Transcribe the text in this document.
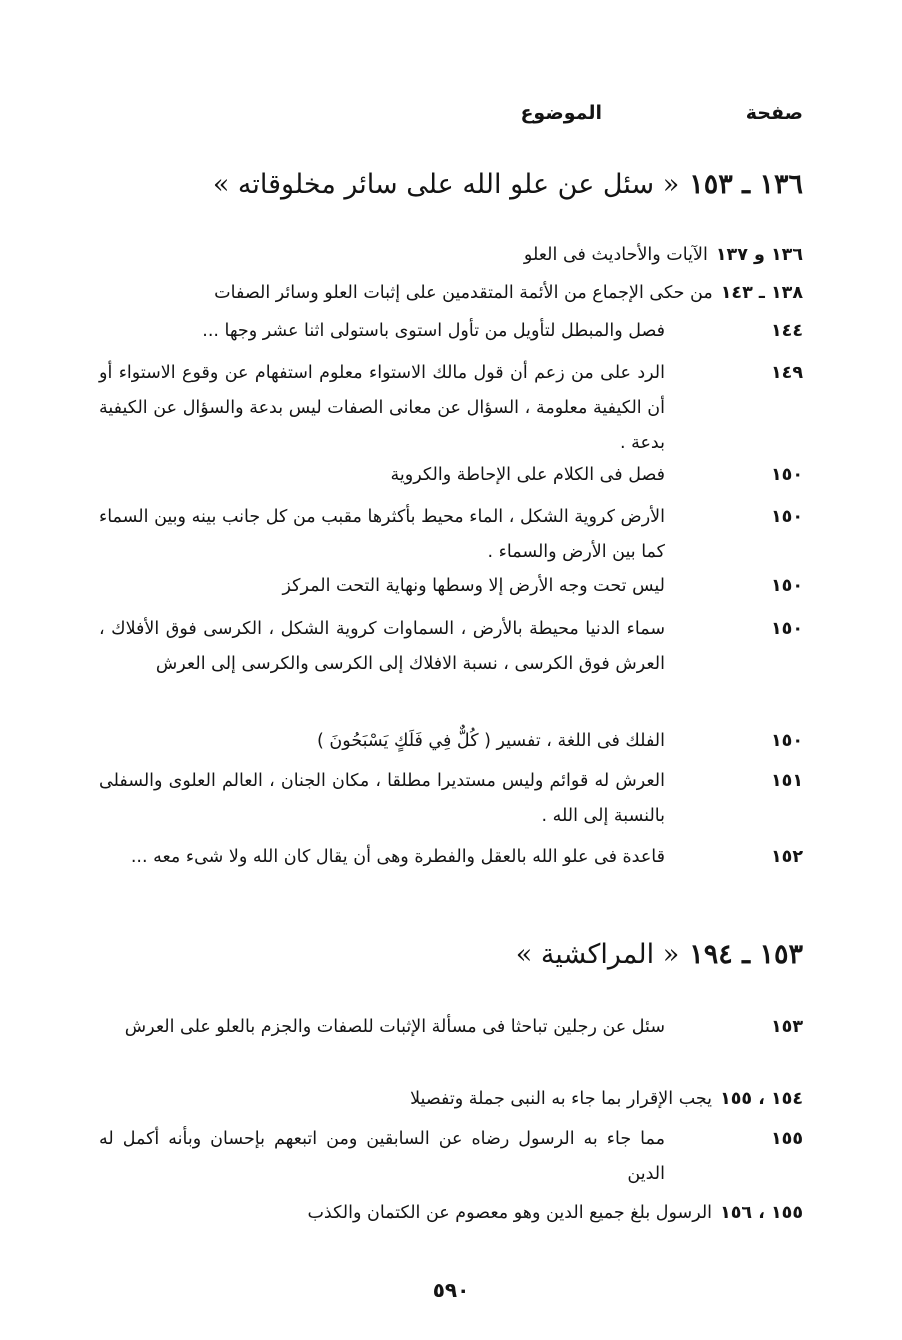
صفحة
الموضوع
١٣٦ ـ ١٥٣« سئل عن علو الله على سائر مخلوقاته »
١٣٦ و ١٣٧الآيات والأحاديث فى العلو
١٣٨ ـ ١٤٣من حكى الإجماع من الأئمة المتقدمين على إثبات العلو وسائر الصفات
١٤٤
فصل والمبطل لتأويل من تأول استوى باستولى اثنا عشر وجها ...
١٤٩
الرد على من زعم أن قول مالك الاستواء معلوم استفهام عن وقوع الاستواء أو أن الكيفية معلومة ، السؤال عن معانى الصفات ليس بدعة والسؤال عن الكيفية بدعة .
١٥٠
فصل فى الكلام على الإحاطة والكروية
١٥٠
الأرض كروية الشكل ، الماء محيط بأكثرها مقبب من كل جانب بينه وبين السماء كما بين الأرض والسماء .
١٥٠
ليس تحت وجه الأرض إلا وسطها ونهاية التحت المركز
١٥٠
سماء الدنيا محيطة بالأرض ، السماوات كروية الشكل ، الكرسى فوق الأفلاك ، العرش فوق الكرسى ، نسبة الافلاك إلى الكرسى والكرسى إلى العرش
١٥٠
الفلك فى اللغة ، تفسير ( كُلٌّ فِي فَلَكٍ يَسْبَحُونَ )
١٥١
العرش له قوائم وليس مستديرا مطلقا ، مكان الجنان ، العالم العلوى والسفلى بالنسبة إلى الله .
١٥٢
قاعدة فى علو الله بالعقل والفطرة وهى أن يقال كان الله ولا شىء معه ...
١٥٣ ـ ١٩٤« المراكشية »
١٥٣
سئل عن رجلين تباحثا فى مسألة الإثبات للصفات والجزم بالعلو على العرش
١٥٤ ، ١٥٥يجب الإقرار بما جاء به النبى جملة وتفصيلا
١٥٥
مما جاء به الرسول رضاه عن السابقين ومن اتبعهم بإحسان وبأنه أكمل له الدين
١٥٥ ، ١٥٦الرسول بلغ جميع الدين وهو معصوم عن الكتمان والكذب
٥٩٠
